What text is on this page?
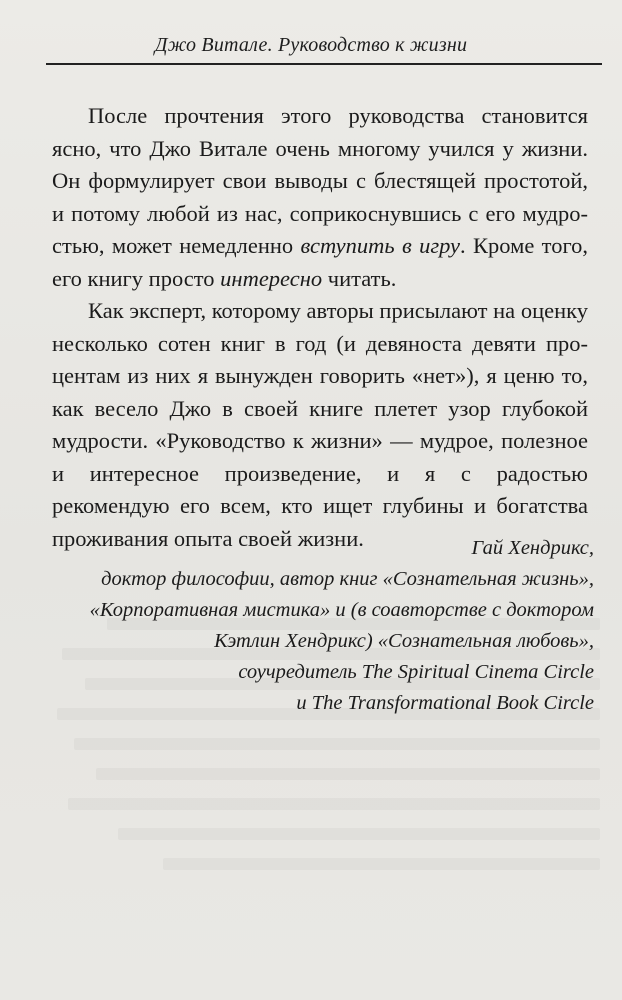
Джо Витале. Руководство к жизни

После прочтения этого руководства становится ясно, что Джо Витале очень многому учился у жизни. Он формулирует свои выводы с блестящей простотой, и потому любой из нас, соприкоснувшись с его мудростью, может немедленно вступить в игру. Кроме того, его книгу просто интересно читать.

Как эксперт, которому авторы присылают на оценку несколько сотен книг в год (и девяноста девяти процентам из них я вынужден говорить «нет»), я ценю то, как весело Джо в своей книге плетет узор глубокой мудрости. «Руководство к жизни» — мудрое, полезное и интересное произведение, и я с радостью рекомендую его всем, кто ищет глубины и богатства проживания опыта своей жизни.	Гай Хендрикс,
доктор философии, автор книг «Сознательная жизнь»,
«Корпоративная мистика» и (в соавторстве с доктором
Кэтлин Хендрикс) «Сознательная любовь»,
соучредитель The Spiritual Cinema Circle
и The Transformational Book Circle
